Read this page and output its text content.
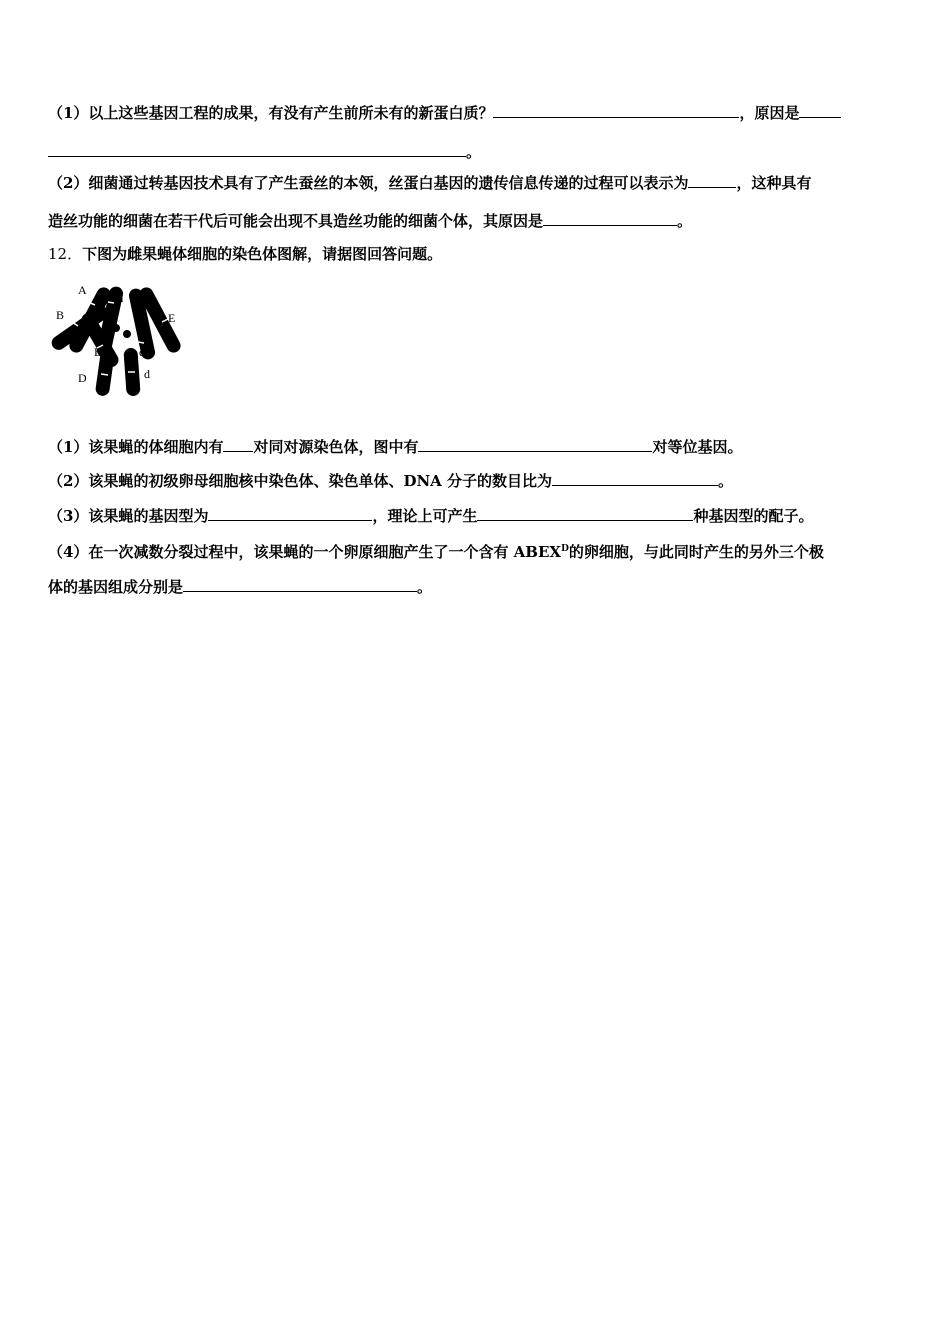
（1）以上这些基因工程的成果，有没有产生前所未有的新蛋白质？	，原因是
。
（2）细菌通过转基因技术具有了产生蚕丝的本领，丝蛋白基因的遗传信息传递的过程可以表示为	，这种具有
造丝功能的细菌在若干代后可能会出现不具造丝功能的细菌个体，其原因是	。
12．下图为雌果蝇体细胞的染色体图解，请据图回答问题。
A
a
B	E
B	e
D	d
（1）该果蝇的体细胞内有 对同对源染色体，图中有	对等位基因。
（2）该果蝇的初级卵母细胞核中染色体、染色单体、DNA 分子的数目比为	。
（3）该果蝇的基因型为	，理论上可产生	种基因型的配子。
（4）在一次减数分裂过程中，该果蝇的一个卵原细胞产生了一个含有 $ABEX^D$的卵细胞，与此同时产生的另外三个极
体的基因组成分别是	。
